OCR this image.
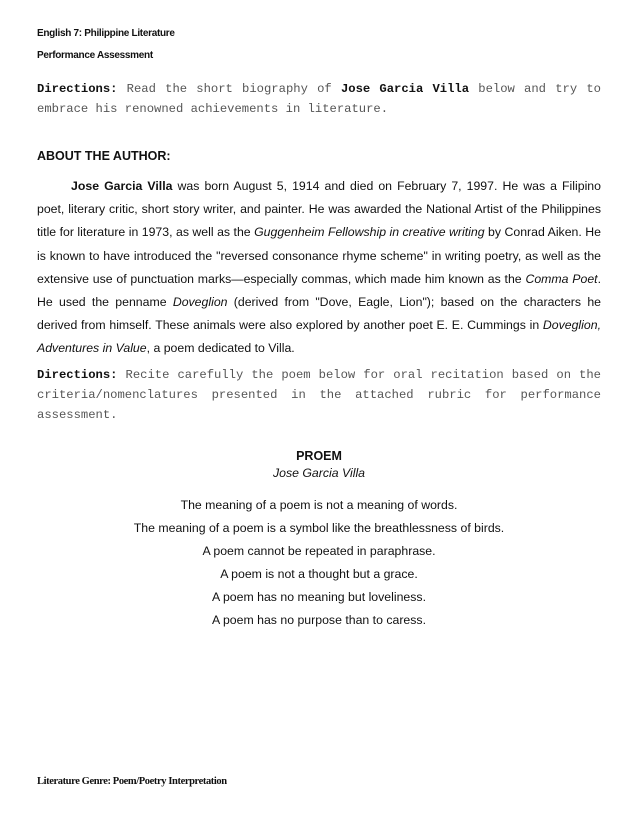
English 7: Philippine Literature
Performance Assessment
Directions: Read the short biography of Jose Garcia Villa below and try to embrace his renowned achievements in literature.
ABOUT THE AUTHOR:

Jose Garcia Villa was born August 5, 1914 and died on February 7, 1997. He was a Filipino poet, literary critic, short story writer, and painter. He was awarded the National Artist of the Philippines title for literature in 1973, as well as the Guggenheim Fellowship in creative writing by Conrad Aiken. He is known to have introduced the "reversed consonance rhyme scheme" in writing poetry, as well as the extensive use of punctuation marks—especially commas, which made him known as the Comma Poet. He used the penname Doveglion (derived from "Dove, Eagle, Lion"); based on the characters he derived from himself. These animals were also explored by another poet E. E. Cummings in Doveglion, Adventures in Value, a poem dedicated to Villa.

Directions: Recite carefully the poem below for oral recitation based on the criteria/nomenclatures presented in the attached rubric for performance assessment.
PROEM
Jose Garcia Villa
The meaning of a poem is not a meaning of words.
The meaning of a poem is a symbol like the breathlessness of birds.
A poem cannot be repeated in paraphrase.
A poem is not a thought but a grace.
A poem has no meaning but loveliness.
A poem has no purpose than to caress.
Literature Genre: Poem/Poetry Interpretation
